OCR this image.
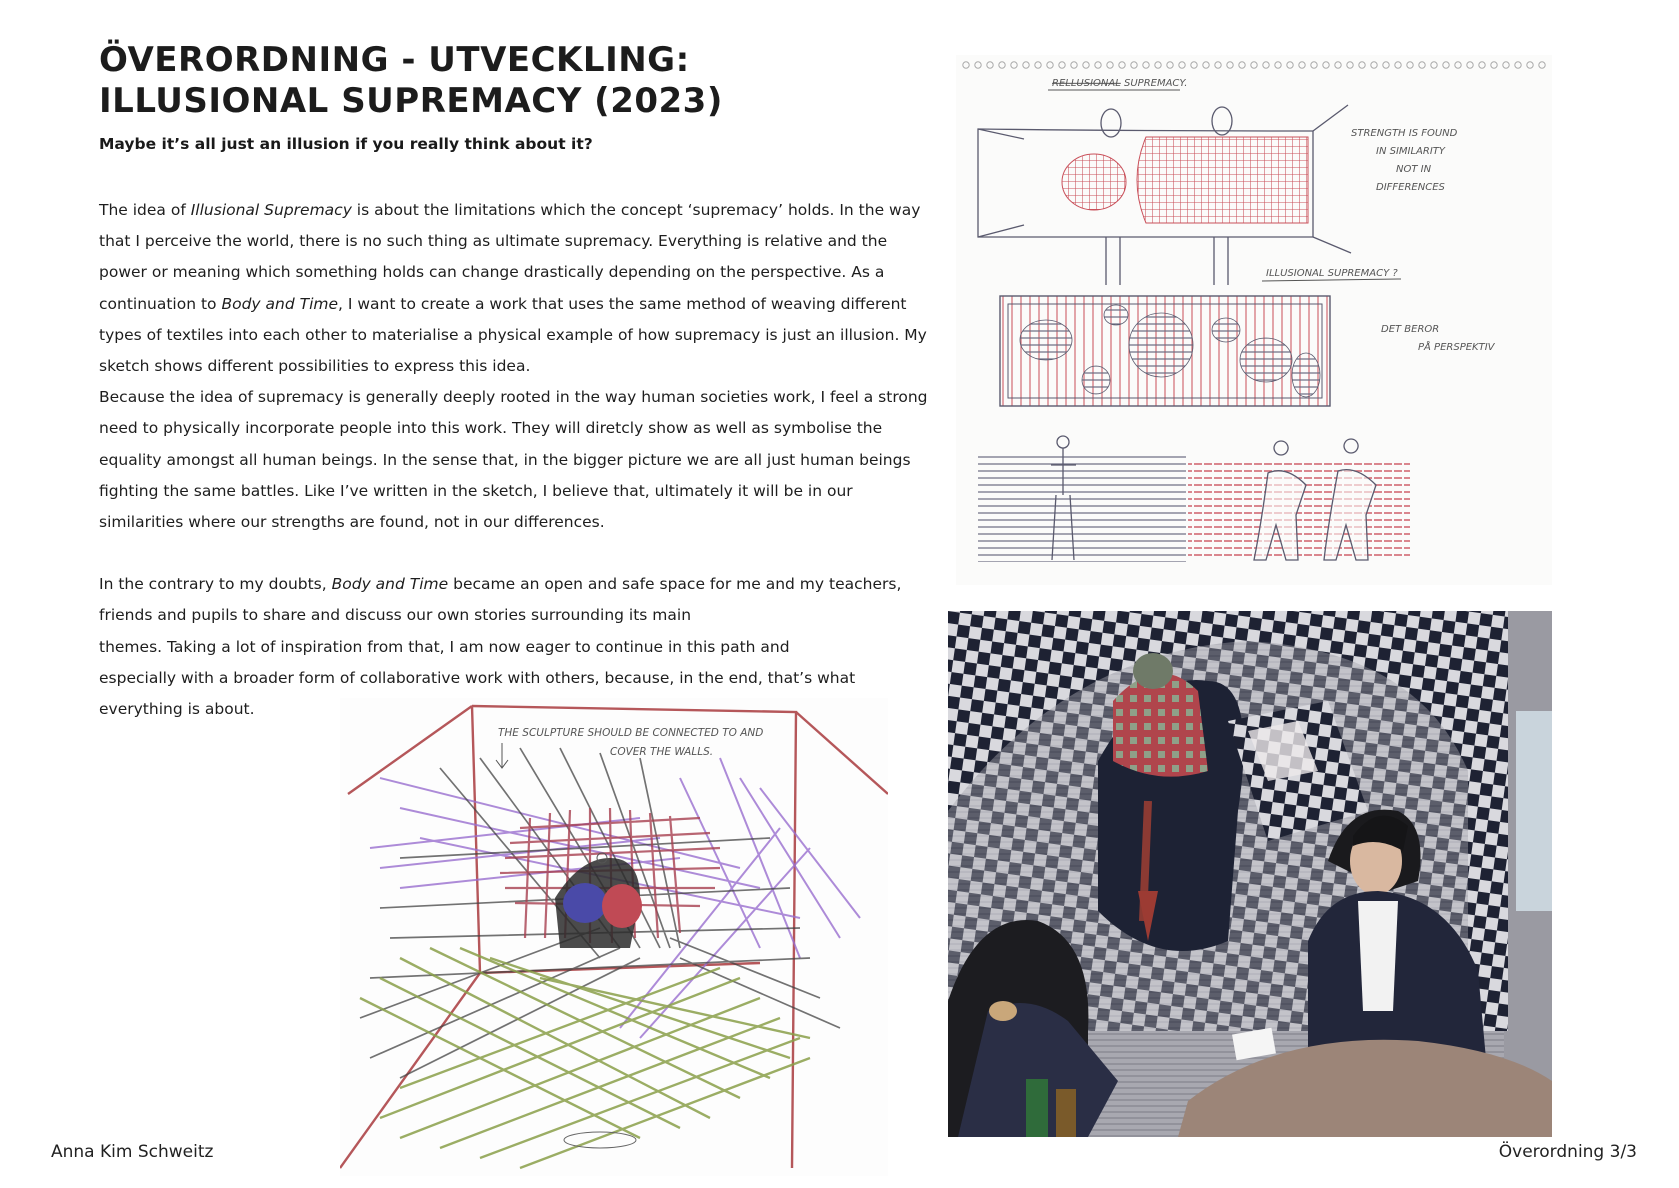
ÖVERORDNING - UTVECKLING:
ILLUSIONAL SUPREMACY (2023)

Maybe it’s all just an illusion if you really think about it?

The idea of Illusional Supremacy is about the limitations which the concept ‘supremacy’ holds. In the way that I perceive the world, there is no such thing as ultimate supremacy. Everything is relative and the power or meaning which something holds can change drastically depending on the perspective. As a continuation to Body and Time, I want to create a work that uses the same method of weaving different types of textiles into each other to materialise a physical example of how supremacy is just an illusion. My sketch shows different possibilities to express this idea.

Because the idea of supremacy is generally deeply rooted in the way human societies work, I feel a strong need to physically incorporate people into this work. They will diretcly show as well as symbolise the equality amongst all human beings. In the sense that, in the bigger picture we are all just human beings fighting the same battles. Like I’ve written in the sketch, I believe that, ultimately it will be in our similarities where our strengths are found, not in our differences.

In the contrary to my doubts, Body and Time became an open and safe space for me and my teachers, friends and pupils to share and discuss our own stories surrounding its main

themes. Taking a lot of inspiration from that, I am now eager to continue in this path and

especially with a broader form of collaborative work with others, because, in the end, that’s what

everything is about.

RELLUSIONAL SUPREMACY.
STRENGTH IS FOUND
IN SIMILARITY
NOT IN
DIFFERENCES
ILLUSIONAL SUPREMACY ?
DET BEROR
PÅ PERSPEKTIV
THE SCULPTURE SHOULD BE CONNECTED TO AND
COVER THE WALLS.
Anna Kim Schweitz	Överordning 3/3
